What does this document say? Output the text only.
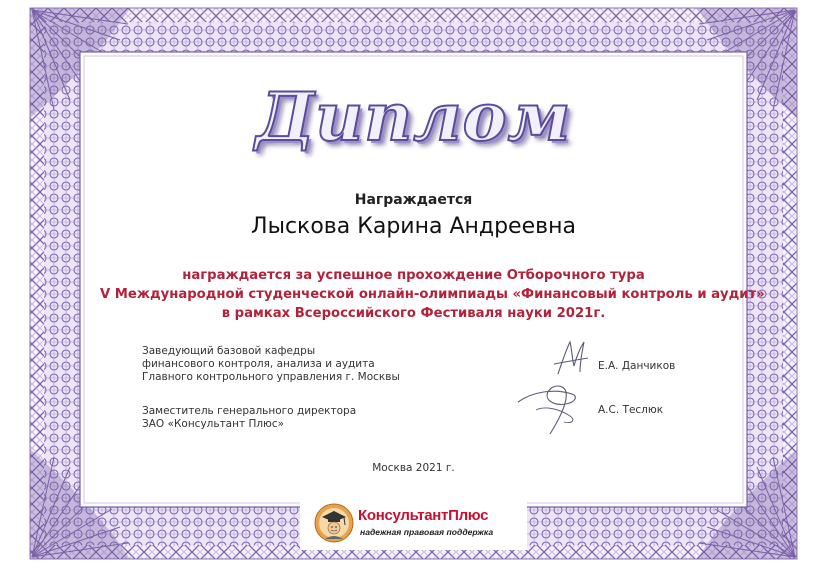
Диплом
Награждается
Лыскова Карина Андреевна
награждается за успешное прохождение Отборочного тура
V Международной студенческой онлайн-олимпиады «Финансовый контроль и аудит»
в рамках Всероссийского Фестиваля науки 2021г.
Заведующий базовой кафедры
финансового контроля, анализа и аудита
Главного контрольного управления г. Москвы
Е.А. Данчиков
Заместитель генерального директора
ЗАО «Консультант Плюс»
А.С. Теслюк
Москва 2021 г.
КонсультантПлюс
надежная правовая поддержка
